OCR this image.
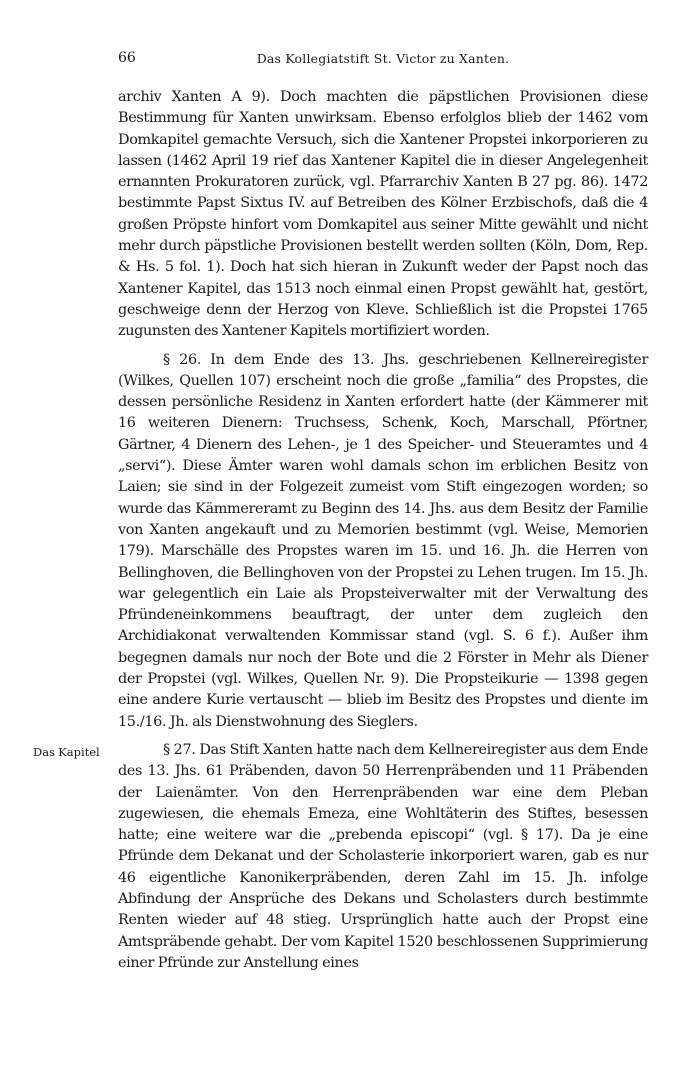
66	Das Kollegiatstift St. Victor zu Xanten.

archiv Xanten A 9). Doch machten die päpstlichen Provisionen diese Bestimmung für Xanten unwirksam. Ebenso erfolglos blieb der 1462 vom Domkapitel gemachte Versuch, sich die Xantener Propstei inkorporieren zu lassen (1462 April 19 rief das Xantener Kapitel die in dieser Angelegenheit ernannten Prokuratoren zurück, vgl. Pfarrarchiv Xanten B 27 pg. 86). 1472 bestimmte Papst Sixtus IV. auf Betreiben des Kölner Erzbischofs, daß die 4 großen Pröpste hinfort vom Domkapitel aus seiner Mitte gewählt und nicht mehr durch päpstliche Provisionen bestellt werden sollten (Köln, Dom, Rep. & Hs. 5 fol. 1). Doch hat sich hieran in Zukunft weder der Papst noch das Xantener Kapitel, das 1513 noch einmal einen Propst gewählt hat, gestört, geschweige denn der Herzog von Kleve. Schließlich ist die Propstei 1765 zugunsten des Xantener Kapitels mortifiziert worden.

§ 26. In dem Ende des 13. Jhs. geschriebenen Kellnereiregister (Wilkes, Quellen 107) erscheint noch die große „familia“ des Propstes, die dessen persönliche Residenz in Xanten erfordert hatte (der Kämmerer mit 16 weiteren Dienern: Truchsess, Schenk, Koch, Marschall, Pförtner, Gärtner, 4 Dienern des Lehen-, je 1 des Speicher- und Steueramtes und 4 „servi“). Diese Ämter waren wohl damals schon im erblichen Besitz von Laien; sie sind in der Folgezeit zumeist vom Stift eingezogen worden; so wurde das Kämmereramt zu Beginn des 14. Jhs. aus dem Besitz der Familie von Xanten angekauft und zu Memorien bestimmt (vgl. Weise, Memorien 179). Marschälle des Propstes waren im 15. und 16. Jh. die Herren von Bellinghoven, die Bellinghoven von der Propstei zu Lehen trugen. Im 15. Jh. war gelegentlich ein Laie als Propsteiverwalter mit der Verwaltung des Pfründeneinkommens beauftragt, der unter dem zugleich den Archidiakonat verwaltenden Kommissar stand (vgl. S. 6 f.). Außer ihm begegnen damals nur noch der Bote und die 2 Förster in Mehr als Diener der Propstei (vgl. Wilkes, Quellen Nr. 9). Die Propsteikurie — 1398 gegen eine andere Kurie vertauscht — blieb im Besitz des Propstes und diente im 15./16. Jh. als Dienstwohnung des Sieglers.

Das Kapitel	§ 27. Das Stift Xanten hatte nach dem Kellnereiregister aus dem Ende des 13. Jhs. 61 Präbenden, davon 50 Herrenpräbenden und 11 Präbenden der Laienämter. Von den Herrenpräbenden war eine dem Pleban zugewiesen, die ehemals Emeza, eine Wohltäterin des Stiftes, besessen hatte; eine weitere war die „prebenda episcopi“ (vgl. § 17). Da je eine Pfründe dem Dekanat und der Scholasterie inkorporiert waren, gab es nur 46 eigentliche Kanonikerpräbenden, deren Zahl im 15. Jh. infolge Abfindung der Ansprüche des Dekans und Scholasters durch bestimmte Renten wieder auf 48 stieg. Ursprünglich hatte auch der Propst eine Amtspräbende gehabt. Der vom Kapitel 1520 beschlossenen Supprimierung einer Pfründe zur Anstellung eines
